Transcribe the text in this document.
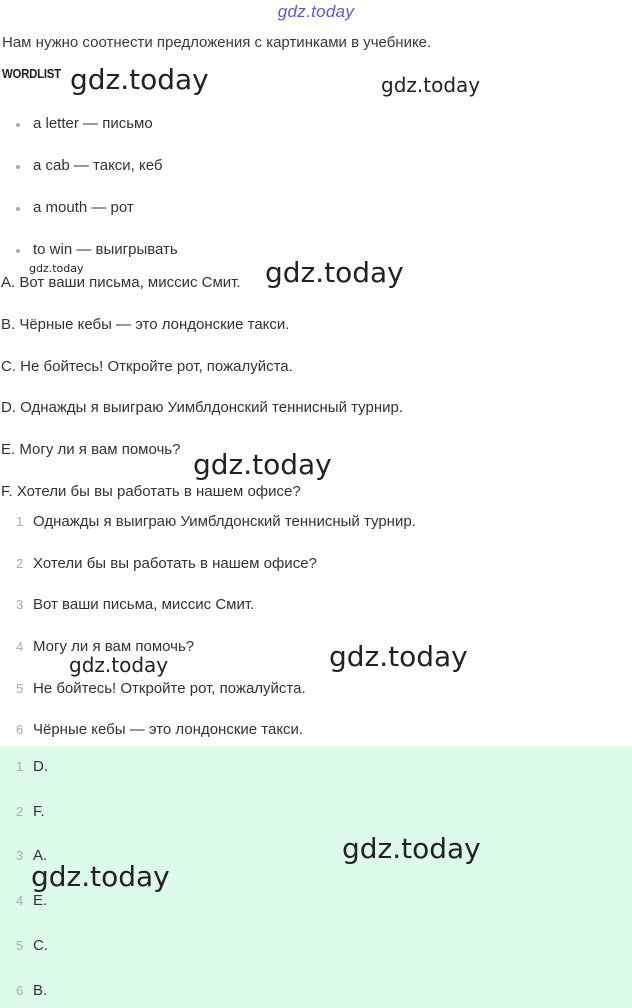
gdz.today
Нам нужно соотнести предложения с картинками в учебнике.
WORDLIST
a letter — письмо
a cab — такси, кеб
a mouth — рот
to win — выигрывать
A. Вот ваши письма, миссис Смит.
B. Чёрные кебы — это лондонские такси.
C. Не бойтесь! Откройте рот, пожалуйста.
D. Однажды я выиграю Уимблдонский теннисный турнир.
E. Могу ли я вам помочь?
F. Хотели бы вы работать в нашем офисе?
1 Однажды я выиграю Уимблдонский теннисный турнир.
2 Хотели бы вы работать в нашем офисе?
3 Вот ваши письма, миссис Смит.
4 Могу ли я вам помочь?
5 Не бойтесь! Откройте рот, пожалуйста.
6 Чёрные кебы — это лондонские такси.
1 D.
2 F.
3 A.
4 E.
5 C.
6 B.
gdz.today	gdz.today
gdz.today	gdz.today
gdz.today
gdz.today	gdz.today
gdz.today
gdz.today
